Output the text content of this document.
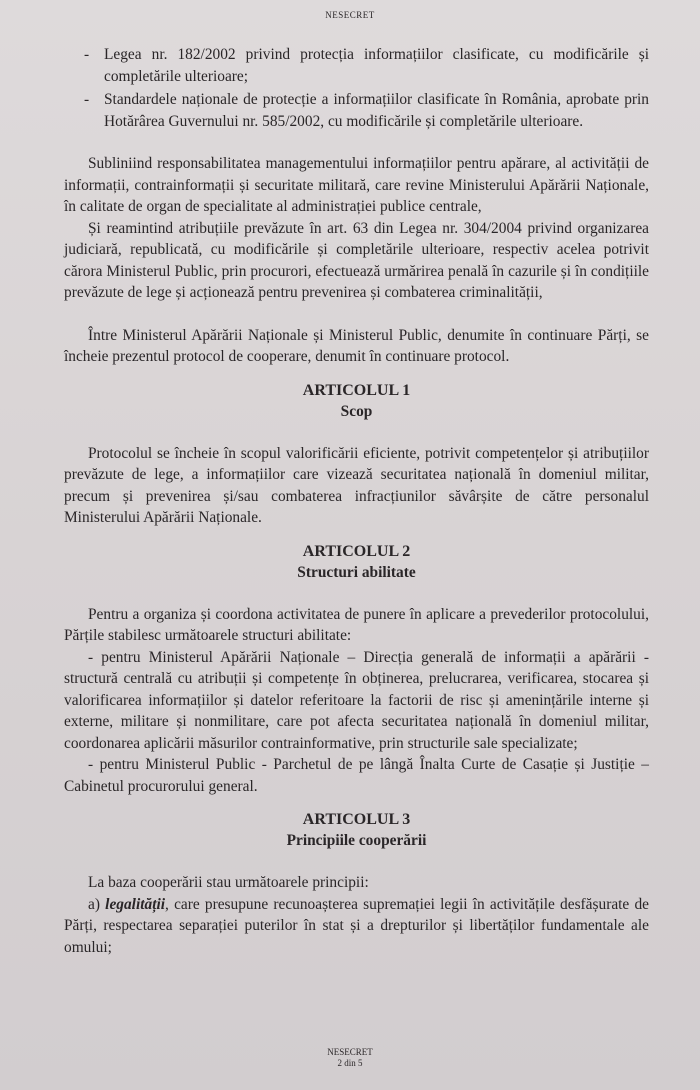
NESECRET
- Legea nr. 182/2002 privind protecția informațiilor clasificate, cu modificările și completările ulterioare;
- Standardele naționale de protecție a informațiilor clasificate în România, aprobate prin Hotărârea Guvernului nr. 585/2002, cu modificările și completările ulterioare.

Subliniind responsabilitatea managementului informațiilor pentru apărare, al activității de informații, contrainformații și securitate militară, care revine Ministerului Apărării Naționale, în calitate de organ de specialitate al administrației publice centrale,

Și reamintind atribuțiile prevăzute în art. 63 din Legea nr. 304/2004 privind organizarea judiciară, republicată, cu modificările și completările ulterioare, respectiv acelea potrivit cărora Ministerul Public, prin procurori, efectuează urmărirea penală în cazurile și în condițiile prevăzute de lege și acționează pentru prevenirea și combaterea criminalității,

Între Ministerul Apărării Naționale și Ministerul Public, denumite în continuare Părți, se încheie prezentul protocol de cooperare, denumit în continuare protocol.

ARTICOLUL 1
Scop

Protocolul se încheie în scopul valorificării eficiente, potrivit competențelor și atribuțiilor prevăzute de lege, a informațiilor care vizează securitatea națională în domeniul militar, precum și prevenirea și/sau combaterea infracțiunilor săvârșite de către personalul Ministerului Apărării Naționale.

ARTICOLUL 2
Structuri abilitate

Pentru a organiza și coordona activitatea de punere în aplicare a prevederilor protocolului, Părțile stabilesc următoarele structuri abilitate:

- pentru Ministerul Apărării Naționale – Direcția generală de informații a apărării - structură centrală cu atribuții și competențe în obținerea, prelucrarea, verificarea, stocarea și valorificarea informațiilor și datelor referitoare la factorii de risc și amenințările interne și externe, militare și nonmilitare, care pot afecta securitatea națională în domeniul militar, coordonarea aplicării măsurilor contrainformative, prin structurile sale specializate;

- pentru Ministerul Public - Parchetul de pe lângă Înalta Curte de Casație și Justiție – Cabinetul procurorului general.

ARTICOLUL 3
Principiile cooperării

La baza cooperării stau următoarele principii:

a) legalității, care presupune recunoașterea supremației legii în activitățile desfășurate de Părți, respectarea separației puterilor în stat și a drepturilor și libertăților fundamentale ale omului;

NESECRET
2 din 5
